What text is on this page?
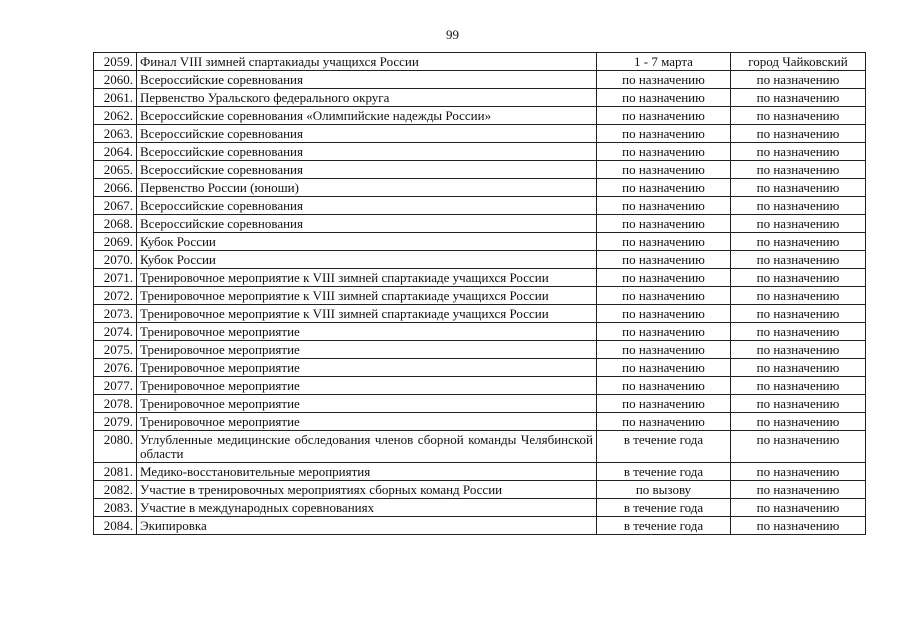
99
2059.	Финал VIII зимней спартакиады учащихся России	1 - 7 марта	город Чайковский
2060.	Всероссийские соревнования	по назначению	по назначению
2061.	Первенство Уральского федерального округа	по назначению	по назначению
2062.	Всероссийские соревнования «Олимпийские надежды России»	по назначению	по назначению
2063.	Всероссийские соревнования	по назначению	по назначению
2064.	Всероссийские соревнования	по назначению	по назначению
2065.	Всероссийские соревнования	по назначению	по назначению
2066.	Первенство России (юноши)	по назначению	по назначению
2067.	Всероссийские соревнования	по назначению	по назначению
2068.	Всероссийские соревнования	по назначению	по назначению
2069.	Кубок России	по назначению	по назначению
2070.	Кубок России	по назначению	по назначению
2071.	Тренировочное мероприятие к VIII зимней спартакиаде учащихся России	по назначению	по назначению
2072.	Тренировочное мероприятие к VIII зимней спартакиаде учащихся России	по назначению	по назначению
2073.	Тренировочное мероприятие к VIII зимней спартакиаде учащихся России	по назначению	по назначению
2074.	Тренировочное мероприятие	по назначению	по назначению
2075.	Тренировочное мероприятие	по назначению	по назначению
2076.	Тренировочное мероприятие	по назначению	по назначению
2077.	Тренировочное мероприятие	по назначению	по назначению
2078.	Тренировочное мероприятие	по назначению	по назначению
2079.	Тренировочное мероприятие	по назначению	по назначению
2080.	Углубленные медицинские обследования членов сборной команды Челябинской области	в течение года	по назначению
2081.	Медико-восстановительные мероприятия	в течение года	по назначению
2082.	Участие в тренировочных мероприятиях сборных команд России	по вызову	по назначению
2083.	Участие в международных соревнованиях	в течение года	по назначению
2084.	Экипировка	в течение года	по назначению
